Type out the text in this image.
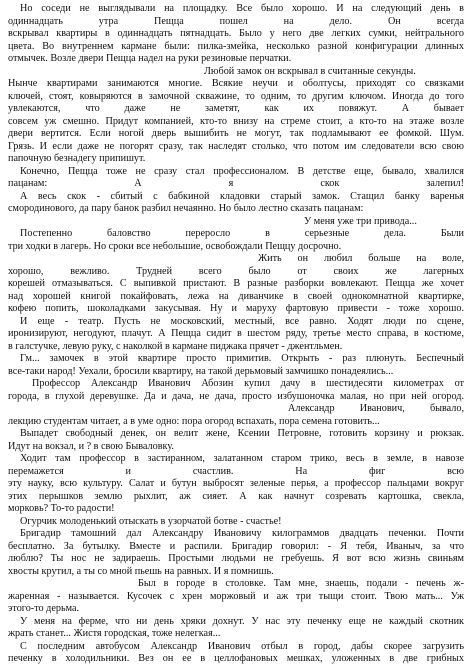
Но соседи не выглядывали на площадку. Все было хорошо. И на следующий день в
одиннадцать утра Пещца пошел на дело. Он всегда
вскрывал квартиры в одиннадцать пятнадцать. Было у него две легких сумки, нейтрального
цвета. Во внутреннем кармане были: пилка-змейка, несколько разной конфигурации длинных
отмычек. Возле двери Пещца надел на руки резиновые перчатки.
Любой замок он вскрывал в считанные секунды.
Нынче квартирами занимаются многие. Всякие неучи и оболтусы, приходят со связками
ключей, стоят, ковыряются в замочной скважине, то одним, то другим ключом. Иногда до того
увлекаются, что даже не заметят, как их повяжут. А бывает
совсем уж смешно. Придут компанией, кто-то внизу на стреме стоит, а кто-то на этаже возле
двери вертится. Если ногой дверь вышибить не могут, так подламывают ее фомкой. Шум.
Грязь. И если даже не погорят сразу, так наследят столько, что потом им следователи всю свою
папочную безнадегу припишут.
Конечно, Пещца тоже не сразу стал профессионалом. В детстве еще, бывало, хвалился
пацанам: А я скок залепил!
А весь скок - сбитый с бабкиной кладовки старый замок. Стащил банку варенья
смородинового, да пару банок разбил нечаянно. Но было лестно сказать пацанам:
У меня уже три привода...
Постепенно баловство переросло в серьезные дела. Были
три ходки в лагерь. Но сроки все небольшие, освобождали Пещцу досрочно.
Жить он любил больше на воле,
хорошо, вежливо. Трудней всего было от своих же лагерных
корешей отмазываться. С выпивкой пристают. В разные разборки вовлекают. Пещца же хочет
над хорошей книгой покайфовать, лежа на диванчике в своей однокомнатной квартирке,
кофею попить, шоколадками закусывая. Ну и маруху фартовую привести - тоже хорошо.
И еще - театр. Пусть не московский, местный, все равно. Ходят люди по сцене,
иронизируют, негодуют, плачут. А Пещца сидит в шестом ряду, третье место справа, в костюме,
в галстучке, левую руку, с наколкой в кармане пиджака прячет - джентльмен.
Гм... замочек в этой квартире просто примитив. Открыть - раз плюнуть. Беспечный
все-таки народ! Уехали, бросили квартиру, на такой дерьмовый замчишко понадеялись...
Профессор Александр Иванович Абозин купил дачу в шестидесяти километрах от
города, в глухой деревушке. Да и дача, не дача, просто избушоночка малая, но при ней огород.
Александр Иванович, бывало,
лекцию студентам читает, а в уме одно: пора огород вспахать, пора семена готовить...
Выпадет свободный денек, он велит жене, Ксении Петровне, готовить корзину и рюкзак.
Идут на вокзал, и ? в свою Бываловку.
Ходит там профессор в застиранном, залатанном старом трико, весь в земле, в навозе
перемажется и счастлив. На фиг всю
эту науку, всю культуру. Салат и бутун выбросят зеленые перья, а профессор пальцами вокруг
этих перышков землю рыхлит, аж сияет. А как начнут созревать картошка, свекла,
морковь? То-то радости!
Огурчик молоденький отыскать в узорчатой ботве - счастье!
Бригадир тамошний дал Александру Ивановичу килограммов двадцать печенки. Почти
бесплатно. За бутылку. Вместе и распили. Бригадир говорил: - Я тебя, Иваныч, за что
люблю? Ты нос не задираешь. Простыми людьми не гребуешь. Я вот всю жизнь свиньям
хвосты крутил, а ты со мной пьешь на равных. И я помнишь.
Был в городе в столовке. Там мне, знаешь, подали - печень ж-
жаренная - называется. Кусочек с хрен моржовый и аж три тыщи стоит. Твою мать... Уж
этого-то дерьма.
У меня на ферме, что ни день хряки дохнут. У нас эту печенку еще не каждый скотник
жрать станет... Жистя городская, тоже нелегкая...
С последним автобусом Александр Иванович отбыл в город, дабы скорее загрузить
печенку в холодильники. Вез он ее в целлофановых мешках, уложенных в две грибных
